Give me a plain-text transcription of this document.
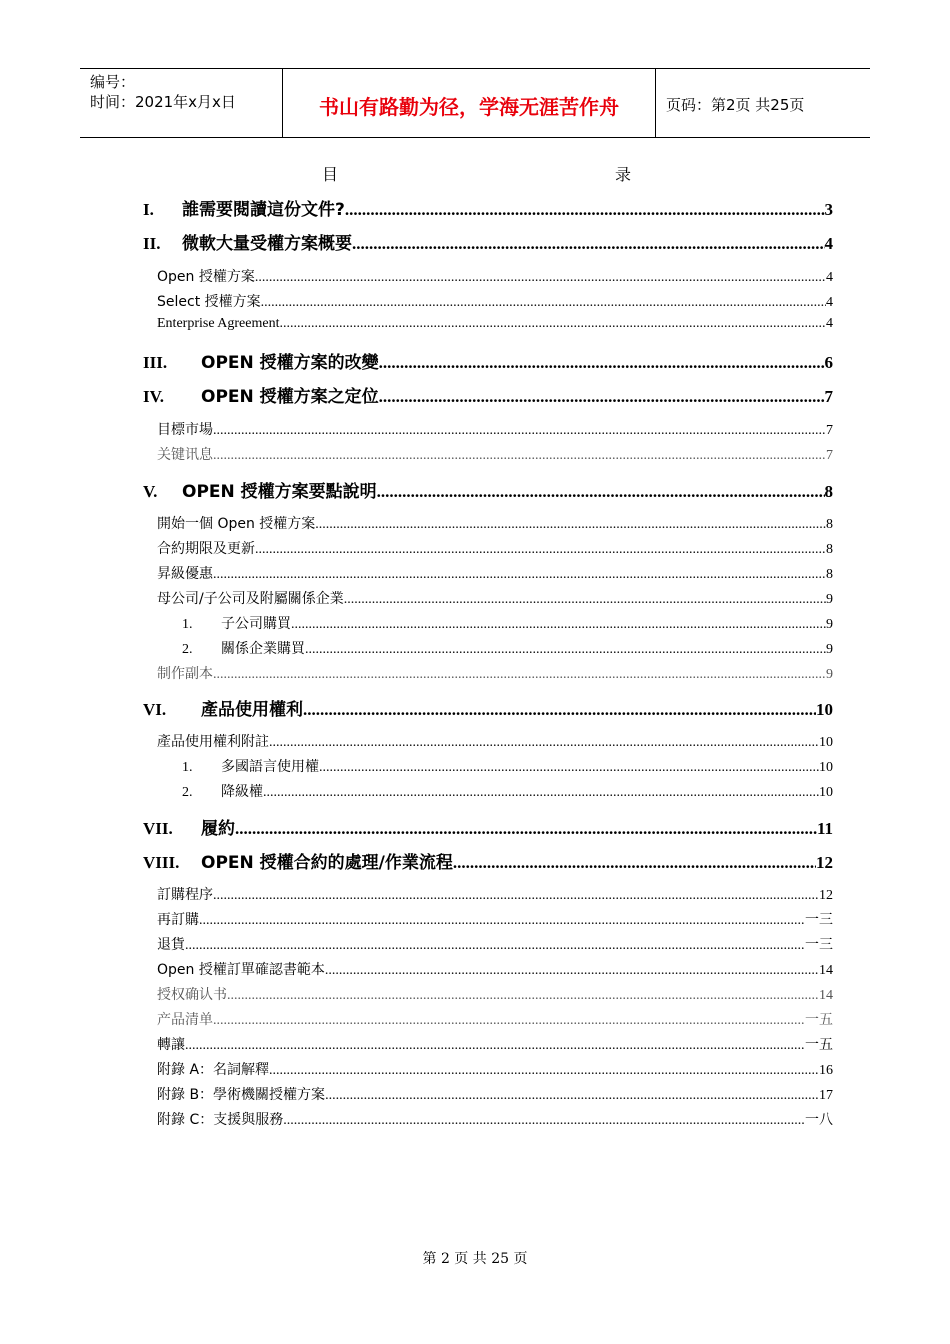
编号：
时间：2021年x月x日	书山有路勤为径，学海无涯苦作舟	页码：第2页 共25页
目	录
I.	誰需要閱讀這份文件? .....	3
II.	微軟大量受權方案概要 .....	4
Open 授權方案 .....	4
Select 授權方案 .....	4
Enterprise Agreement .....	4
III.	OPEN 授權方案的改變 .....	6
IV.	OPEN 授權方案之定位 .....	7
目標市場 .....	7
关键讯息 .....	7
V.	OPEN 授權方案要點說明 .....	8
開始一個 Open 授權方案 .....	8
合約期限及更新 .....	8
昇級優惠 .....	8
母公司/子公司及附屬關係企業 .....	9
1.	子公司購買 .....	9
2.	關係企業購買 .....	9
制作副本 .....	9
VI.	產品使用權利 .....	10
產品使用權利附註 .....	10
1.	多國語言使用權 .....	10
2.	降級權 .....	10
VII.	履約 .....	11
VIII.	OPEN 授權合約的處理/作業流程 .....	12
訂購程序 .....	12
再訂購 .....	一三
退貨 .....	一三
Open 授權訂單確認書範本 .....	14
授权确认书 .....	14
产品清单 .....	一五
轉讓 .....	一五
附錄 A：名詞解釋 .....	16
附錄 B：學術機關授權方案 .....	17
附錄 C：支援與服務 .....	一八
第 2 页 共 25 页
